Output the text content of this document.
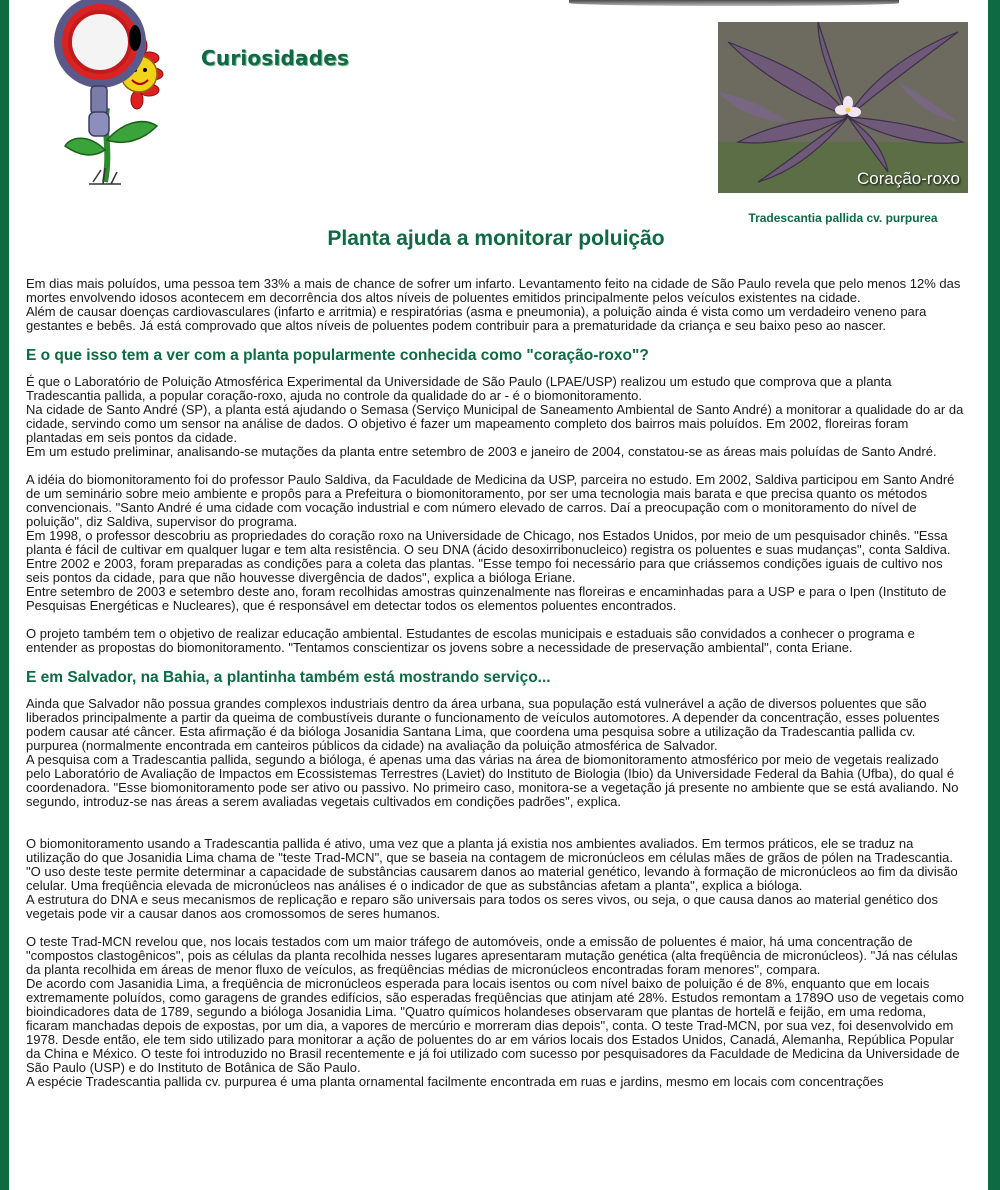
Curiosidades
Coração-roxo
Tradescantia pallida cv. purpurea
Planta ajuda a monitorar poluição

Em dias mais poluídos, uma pessoa tem 33% a mais de chance de sofrer um infarto. Levantamento feito na cidade de São Paulo revela que pelo menos 12% das mortes envolvendo idosos acontecem em decorrência dos altos níveis de poluentes emitidos principalmente pelos veículos existentes na cidade.

Além de causar doenças cardiovasculares (infarto e arritmia) e respiratórias (asma e pneumonia), a poluição ainda é vista como um verdadeiro veneno para gestantes e bebês. Já está comprovado que altos níveis de poluentes podem contribuir para a prematuridade da criança e seu baixo peso ao nascer.

E o que isso tem a ver com a planta popularmente conhecida como "coração-roxo"?

É que o Laboratório de Poluição Atmosférica Experimental da Universidade de São Paulo (LPAE/USP) realizou um estudo que comprova que a planta Tradescantia pallida, a popular coração-roxo, ajuda no controle da qualidade do ar - é o biomonitoramento.

Na cidade de Santo André (SP), a planta está ajudando o Semasa (Serviço Municipal de Saneamento Ambiental de Santo André) a monitorar a qualidade do ar da cidade, servindo como um sensor na análise de dados. O objetivo é fazer um mapeamento completo dos bairros mais poluídos. Em 2002, floreiras foram plantadas em seis pontos da cidade.

Em um estudo preliminar, analisando-se mutações da planta entre setembro de 2003 e janeiro de 2004, constatou-se as áreas mais poluídas de Santo André.

A idéia do biomonitoramento foi do professor Paulo Saldiva, da Faculdade de Medicina da USP, parceira no estudo. Em 2002, Saldiva participou em Santo André de um seminário sobre meio ambiente e propôs para a Prefeitura o biomonitoramento, por ser uma tecnologia mais barata e que precisa quanto os métodos convencionais. "Santo André é uma cidade com vocação industrial e com número elevado de carros. Daí a preocupação com o monitoramento do nível de poluição", diz Saldiva, supervisor do programa.

Em 1998, o professor descobriu as propriedades do coração roxo na Universidade de Chicago, nos Estados Unidos, por meio de um pesquisador chinês. "Essa planta é fácil de cultivar em qualquer lugar e tem alta resistência. O seu DNA (ácido desoxirribonucleico) registra os poluentes e suas mudanças", conta Saldiva.

Entre 2002 e 2003, foram preparadas as condições para a coleta das plantas. "Esse tempo foi necessário para que criássemos condições iguais de cultivo nos seis pontos da cidade, para que não houvesse divergência de dados", explica a bióloga Eriane.

Entre setembro de 2003 e setembro deste ano, foram recolhidas amostras quinzenalmente nas floreiras e encaminhadas para a USP e para o Ipen (Instituto de Pesquisas Energéticas e Nucleares), que é responsável em detectar todos os elementos poluentes encontrados.

O projeto também tem o objetivo de realizar educação ambiental. Estudantes de escolas municipais e estaduais são convidados a conhecer o programa e entender as propostas do biomonitoramento. "Tentamos conscientizar os jovens sobre a necessidade de preservação ambiental", conta Eriane.

E em Salvador, na Bahia, a plantinha também está mostrando serviço...

Ainda que Salvador não possua grandes complexos industriais dentro da área urbana, sua população está vulnerável a ação de diversos poluentes que são liberados principalmente a partir da queima de combustíveis durante o funcionamento de veículos automotores. A depender da concentração, esses poluentes podem causar até câncer. Esta afirmação é da bióloga Josanidia Santana Lima, que coordena uma pesquisa sobre a utilização da Tradescantia pallida cv. purpurea (normalmente encontrada em canteiros públicos da cidade) na avaliação da poluição atmosférica de Salvador.

A pesquisa com a Tradescantia pallida, segundo a bióloga, é apenas uma das várias na área de biomonitoramento atmosférico por meio de vegetais realizado pelo Laboratório de Avaliação de Impactos em Ecossistemas Terrestres (Laviet) do Instituto de Biologia (Ibio) da Universidade Federal da Bahia (Ufba), do qual é coordenadora. "Esse biomonitoramento pode ser ativo ou passivo. No primeiro caso, monitora-se a vegetação já presente no ambiente que se está avaliando. No segundo, introduz-se nas áreas a serem avaliadas vegetais cultivados em condições padrões", explica.

O biomonitoramento usando a Tradescantia pallida é ativo, uma vez que a planta já existia nos ambientes avaliados. Em termos práticos, ele se traduz na utilização do que Josanidia Lima chama de "teste Trad-MCN", que se baseia na contagem de micronúcleos em células mães de grãos de pólen na Tradescantia. "O uso deste teste permite determinar a capacidade de substâncias causarem danos ao material genético, levando à formação de micronúcleos ao fim da divisão celular. Uma freqüência elevada de micronúcleos nas análises é o indicador de que as substâncias afetam a planta", explica a bióloga.

A estrutura do DNA e seus mecanismos de replicação e reparo são universais para todos os seres vivos, ou seja, o que causa danos ao material genético dos vegetais pode vir a causar danos aos cromossomos de seres humanos.

O teste Trad-MCN revelou que, nos locais testados com um maior tráfego de automóveis, onde a emissão de poluentes é maior, há uma concentração de "compostos clastogênicos", pois as células da planta recolhida nesses lugares apresentaram mutação genética (alta freqüência de micronúcleos). "Já nas células da planta recolhida em áreas de menor fluxo de veículos, as freqüências médias de micronúcleos encontradas foram menores", compara.

De acordo com Jasanidia Lima, a freqüência de micronúcleos esperada para locais isentos ou com nível baixo de poluição é de 8%, enquanto que em locais extremamente poluídos, como garagens de grandes edifícios, são esperadas freqüências que atinjam até 28%. Estudos remontam a 1789O uso de vegetais como bioindicadores data de 1789, segundo a bióloga Josanidia Lima. "Quatro químicos holandeses observaram que plantas de hortelã e feijão, em uma redoma, ficaram manchadas depois de expostas, por um dia, a vapores de mercúrio e morreram dias depois", conta. O teste Trad-MCN, por sua vez, foi desenvolvido em 1978. Desde então, ele tem sido utilizado para monitorar a ação de poluentes do ar em vários locais dos Estados Unidos, Canadá, Alemanha, República Popular da China e México. O teste foi introduzido no Brasil recentemente e já foi utilizado com sucesso por pesquisadores da Faculdade de Medicina da Universidade de São Paulo (USP) e do Instituto de Botânica de São Paulo.

A espécie Tradescantia pallida cv. purpurea é uma planta ornamental facilmente encontrada em ruas e jardins, mesmo em locais com concentrações
